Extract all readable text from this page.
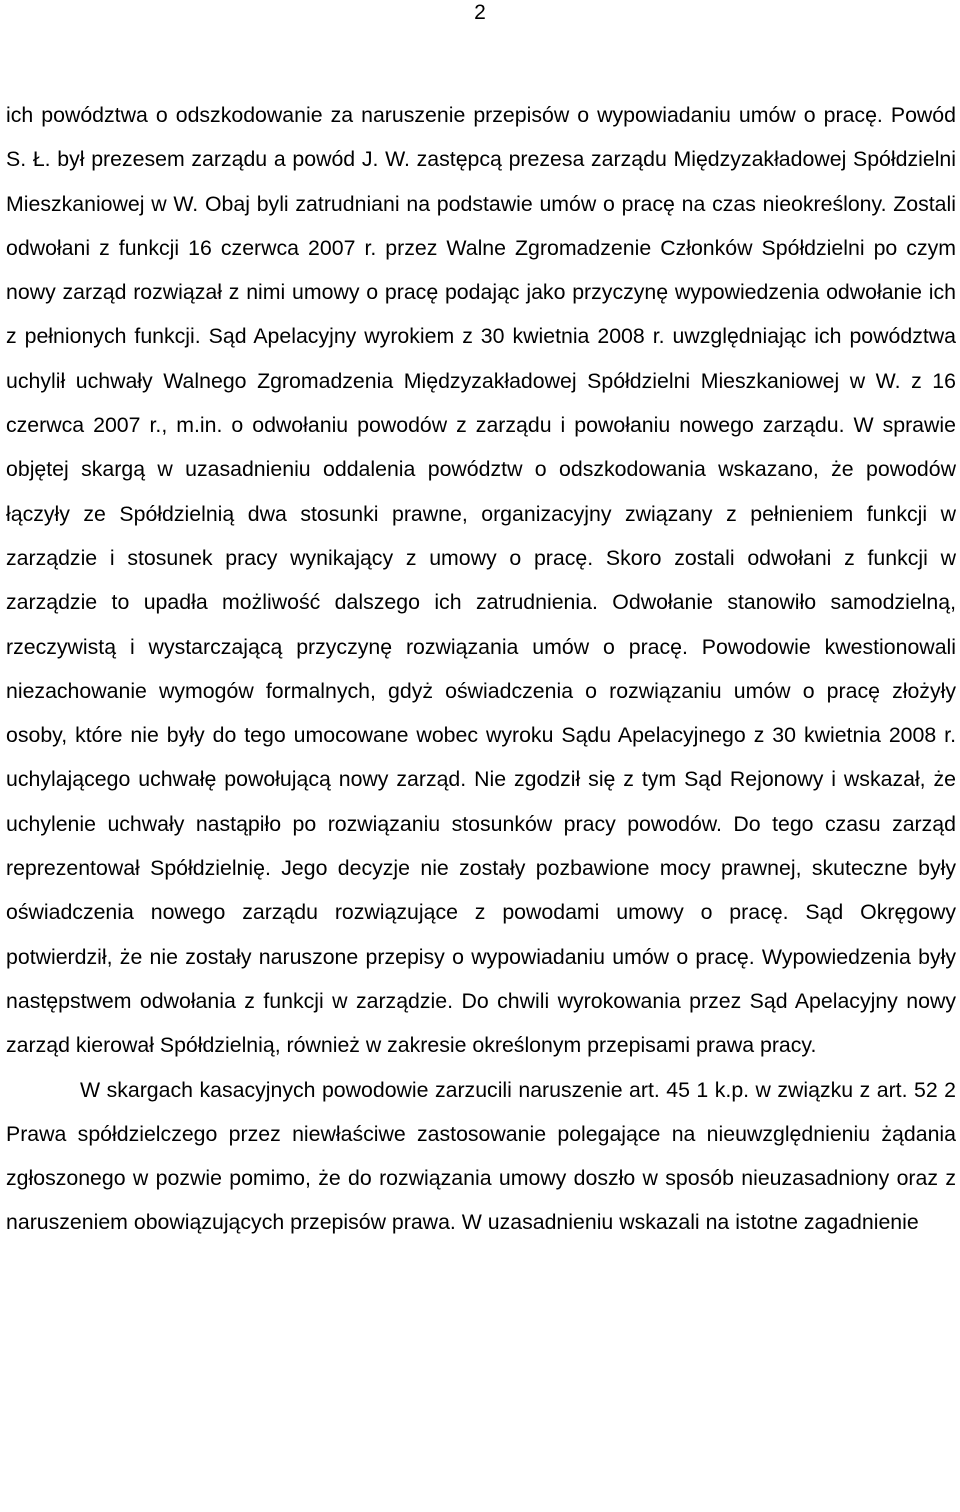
2

ich powództwa o odszkodowanie za naruszenie przepisów o wypowiadaniu umów o pracę. Powód S. Ł. był prezesem zarządu a powód J. W. zastępcą prezesa zarządu Międzyzakładowej Spółdzielni Mieszkaniowej w W. Obaj byli zatrudniani na podstawie umów o pracę na czas nieokreślony. Zostali odwołani z funkcji 16 czerwca 2007 r. przez Walne Zgromadzenie Członków Spółdzielni po czym nowy zarząd rozwiązał z nimi umowy o pracę podając jako przyczynę wypowiedzenia odwołanie ich z pełnionych funkcji. Sąd Apelacyjny wyrokiem z 30 kwietnia 2008 r. uwzględniając ich powództwa uchylił uchwały Walnego Zgromadzenia Międzyzakładowej Spółdzielni Mieszkaniowej w W. z 16 czerwca 2007 r., m.in. o odwołaniu powodów z zarządu i powołaniu nowego zarządu. W sprawie objętej skargą w uzasadnieniu oddalenia powództw o odszkodowania wskazano, że powodów łączyły ze Spółdzielnią dwa stosunki prawne, organizacyjny związany z pełnieniem funkcji w zarządzie i stosunek pracy wynikający z umowy o pracę. Skoro zostali odwołani z funkcji w zarządzie to upadła możliwość dalszego ich zatrudnienia. Odwołanie stanowiło samodzielną, rzeczywistą i wystarczającą przyczynę rozwiązania umów o pracę. Powodowie kwestionowali niezachowanie wymogów formalnych, gdyż oświadczenia o rozwiązaniu umów o pracę złożyły osoby, które nie były do tego umocowane wobec wyroku Sądu Apelacyjnego z 30 kwietnia 2008 r. uchylającego uchwałę powołującą nowy zarząd. Nie zgodził się z tym Sąd Rejonowy i wskazał, że uchylenie uchwały nastąpiło po rozwiązaniu stosunków pracy powodów. Do tego czasu zarząd reprezentował Spółdzielnię. Jego decyzje nie zostały pozbawione mocy prawnej, skuteczne były oświadczenia nowego zarządu rozwiązujące z powodami umowy o pracę. Sąd Okręgowy potwierdził, że nie zostały naruszone przepisy o wypowiadaniu umów o pracę. Wypowiedzenia były następstwem odwołania z funkcji w zarządzie. Do chwili wyrokowania przez Sąd Apelacyjny nowy zarząd kierował Spółdzielnią, również w zakresie określonym przepisami prawa pracy.

W skargach kasacyjnych powodowie zarzucili naruszenie art. 45 1 k.p. w związku z art. 52 2 Prawa spółdzielczego przez niewłaściwe zastosowanie polegające na nieuwzględnieniu żądania zgłoszonego w pozwie pomimo, że do rozwiązania umowy doszło w sposób nieuzasadniony oraz z naruszeniem obowiązujących przepisów prawa. W uzasadnieniu wskazali na istotne zagadnienie
